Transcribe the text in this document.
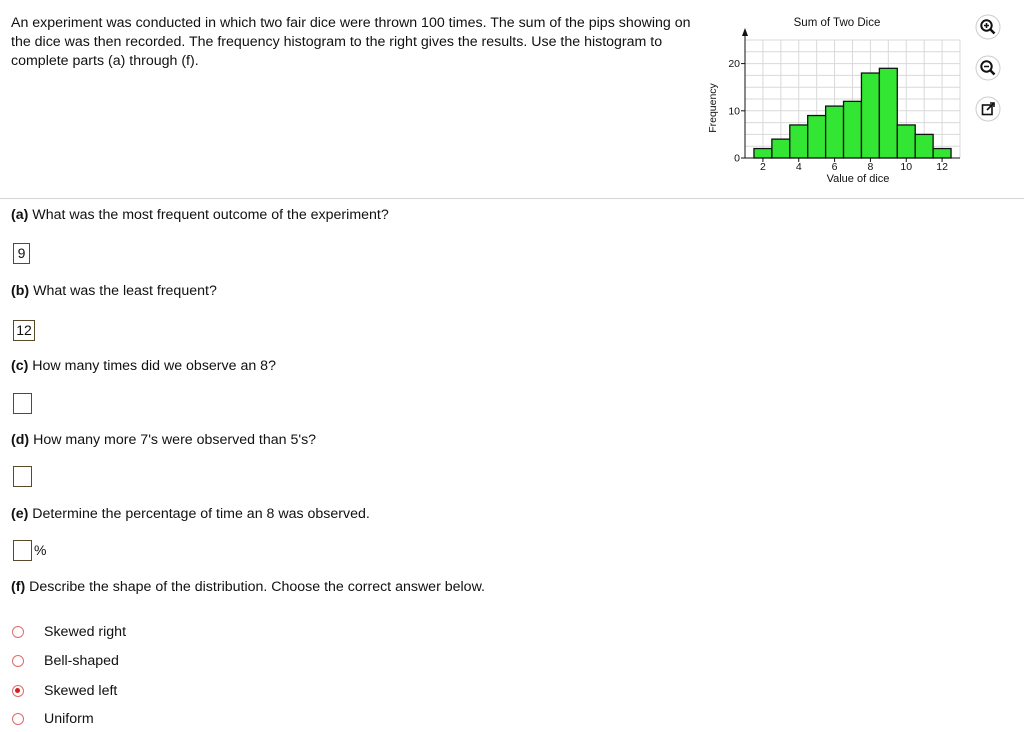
An experiment was conducted in which two fair dice were thrown 100 times. The sum of the pips showing on the dice was then recorded. The frequency histogram to the right gives the results. Use the histogram to complete parts (a) through (f).
2	4	6	8	10 12
0
10
20
Sum of Two Dice
Value of dice
Frequency
(a) What was the most frequent outcome of the experiment?
9
(b) What was the least frequent?
12
(c) How many times did we observe an 8?
(d) How many more 7's were observed than 5's?
(e) Determine the percentage of time an 8 was observed.
%
(f) Describe the shape of the distribution. Choose the correct answer below.
Skewed right
Bell-shaped
Skewed left
Uniform
